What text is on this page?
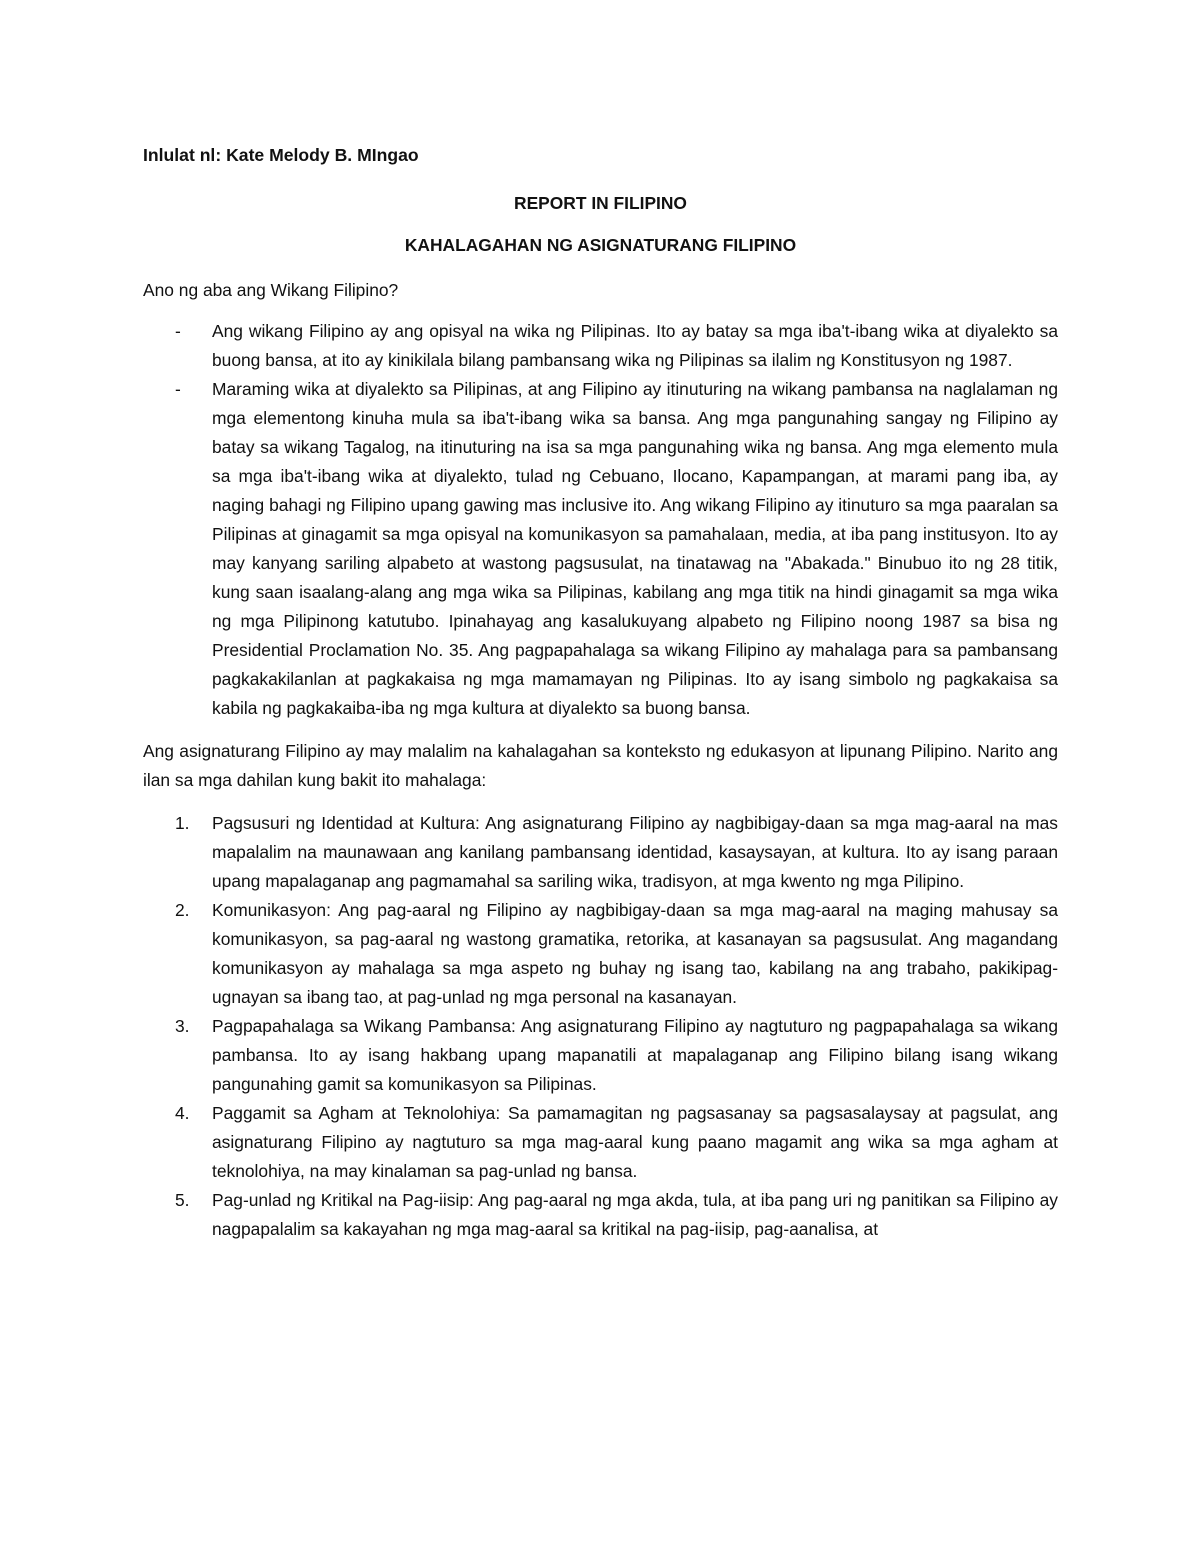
Inlulat nl: Kate Melody B. MIngao
REPORT IN FILIPINO
KAHALAGAHAN NG ASIGNATURANG FILIPINO
Ano ng aba ang Wikang Filipino?
- Ang wikang Filipino ay ang opisyal na wika ng Pilipinas. Ito ay batay sa mga iba't-ibang wika at diyalekto sa buong bansa, at ito ay kinikilala bilang pambansang wika ng Pilipinas sa ilalim ng Konstitusyon ng 1987.
- Maraming wika at diyalekto sa Pilipinas, at ang Filipino ay itinuturing na wikang pambansa na naglalaman ng mga elementong kinuha mula sa iba't-ibang wika sa bansa. Ang mga pangunahing sangay ng Filipino ay batay sa wikang Tagalog, na itinuturing na isa sa mga pangunahing wika ng bansa. Ang mga elemento mula sa mga iba't-ibang wika at diyalekto, tulad ng Cebuano, Ilocano, Kapampangan, at marami pang iba, ay naging bahagi ng Filipino upang gawing mas inclusive ito. Ang wikang Filipino ay itinuturo sa mga paaralan sa Pilipinas at ginagamit sa mga opisyal na komunikasyon sa pamahalaan, media, at iba pang institusyon. Ito ay may kanyang sariling alpabeto at wastong pagsusulat, na tinatawag na "Abakada." Binubuo ito ng 28 titik, kung saan isaalang-alang ang mga wika sa Pilipinas, kabilang ang mga titik na hindi ginagamit sa mga wika ng mga Pilipinong katutubo. Ipinahayag ang kasalukuyang alpabeto ng Filipino noong 1987 sa bisa ng Presidential Proclamation No. 35. Ang pagpapahalaga sa wikang Filipino ay mahalaga para sa pambansang pagkakakilanlan at pagkakaisa ng mga mamamayan ng Pilipinas. Ito ay isang simbolo ng pagkakaisa sa kabila ng pagkakaiba-iba ng mga kultura at diyalekto sa buong bansa.
Ang asignaturang Filipino ay may malalim na kahalagahan sa konteksto ng edukasyon at lipunang Pilipino. Narito ang ilan sa mga dahilan kung bakit ito mahalaga:
1. Pagsusuri ng Identidad at Kultura: Ang asignaturang Filipino ay nagbibigay-daan sa mga mag-aaral na mas mapalalim na maunawaan ang kanilang pambansang identidad, kasaysayan, at kultura. Ito ay isang paraan upang mapalaganap ang pagmamahal sa sariling wika, tradisyon, at mga kwento ng mga Pilipino.
2. Komunikasyon: Ang pag-aaral ng Filipino ay nagbibigay-daan sa mga mag-aaral na maging mahusay sa komunikasyon, sa pag-aaral ng wastong gramatika, retorika, at kasanayan sa pagsusulat. Ang magandang komunikasyon ay mahalaga sa mga aspeto ng buhay ng isang tao, kabilang na ang trabaho, pakikipag-ugnayan sa ibang tao, at pag-unlad ng mga personal na kasanayan.
3. Pagpapahalaga sa Wikang Pambansa: Ang asignaturang Filipino ay nagtuturo ng pagpapahalaga sa wikang pambansa. Ito ay isang hakbang upang mapanatili at mapalaganap ang Filipino bilang isang wikang pangunahing gamit sa komunikasyon sa Pilipinas.
4. Paggamit sa Agham at Teknolohiya: Sa pamamagitan ng pagsasanay sa pagsasalaysay at pagsulat, ang asignaturang Filipino ay nagtuturo sa mga mag-aaral kung paano magamit ang wika sa mga agham at teknolohiya, na may kinalaman sa pag-unlad ng bansa.
5. Pag-unlad ng Kritikal na Pag-iisip: Ang pag-aaral ng mga akda, tula, at iba pang uri ng panitikan sa Filipino ay nagpapalalim sa kakayahan ng mga mag-aaral sa kritikal na pag-iisip, pag-aanalisa, at
